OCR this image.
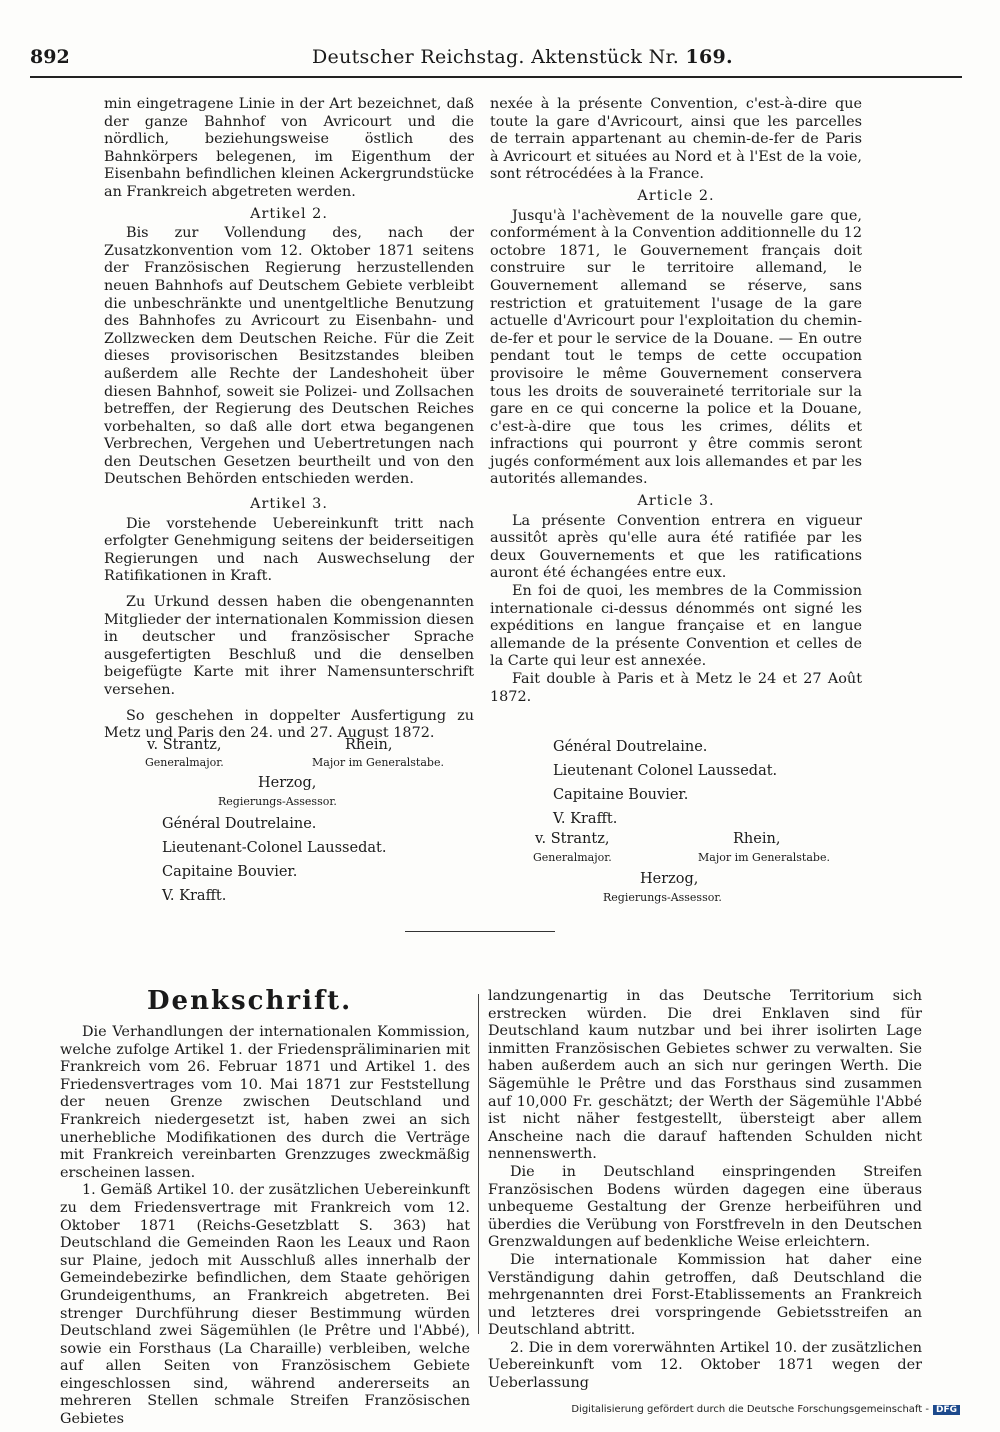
892	Deutscher Reichstag. Aktenstück Nr. 169.

min eingetragene Linie in der Art bezeichnet, daß der ganze Bahnhof von Avricourt und die nördlich, beziehungsweise östlich des Bahnkörpers belegenen, im Eigenthum der Eisenbahn befindlichen kleinen Ackergrundstücke an Frankreich abgetreten werden.

Artikel 2.

Bis zur Vollendung des, nach der Zusatzkonvention vom 12. Oktober 1871 seitens der Französischen Regierung herzustellenden neuen Bahnhofs auf Deutschem Gebiete verbleibt die unbeschränkte und unentgeltliche Benutzung des Bahnhofes zu Avricourt zu Eisenbahn- und Zollzwecken dem Deutschen Reiche. Für die Zeit dieses provisorischen Besitzstandes bleiben außerdem alle Rechte der Landeshoheit über diesen Bahnhof, soweit sie Polizei- und Zollsachen betreffen, der Regierung des Deutschen Reiches vorbehalten, so daß alle dort etwa begangenen Verbrechen, Vergehen und Uebertretungen nach den Deutschen Gesetzen beurtheilt und von den Deutschen Behörden entschieden werden.

Artikel 3.

Die vorstehende Uebereinkunft tritt nach erfolgter Genehmigung seitens der beiderseitigen Regierungen und nach Auswechselung der Ratifikationen in Kraft.

Zu Urkund dessen haben die obengenannten Mitglieder der internationalen Kommission diesen in deutscher und französischer Sprache ausgefertigten Beschluß und die denselben beigefügte Karte mit ihrer Namensunterschrift versehen.

So geschehen in doppelter Ausfertigung zu Metz und Paris den 24. und 27. August 1872.

nexée à la présente Convention, c'est-à-dire que toute la gare d'Avricourt, ainsi que les parcelles de terrain appartenant au chemin-de-fer de Paris à Avricourt et situées au Nord et à l'Est de la voie, sont rétrocédées à la France.

Article 2.

Jusqu'à l'achèvement de la nouvelle gare que, conformément à la Convention additionnelle du 12 octobre 1871, le Gouvernement français doit construire sur le territoire allemand, le Gouvernement allemand se réserve, sans restriction et gratuitement l'usage de la gare actuelle d'Avricourt pour l'exploitation du chemin-de-fer et pour le service de la Douane. — En outre pendant tout le temps de cette occupation provisoire le même Gouvernement conservera tous les droits de souveraineté territoriale sur la gare en ce qui concerne la police et la Douane, c'est-à-dire que tous les crimes, délits et infractions qui pourront y être commis seront jugés conformément aux lois allemandes et par les autorités allemandes.

Article 3.

La présente Convention entrera en vigueur aussitôt après qu'elle aura été ratifiée par les deux Gouvernements et que les ratifications auront été échangées entre eux.

En foi de quoi, les membres de la Commission internationale ci-dessus dénommés ont signé les expéditions en langue française et en langue allemande de la présente Convention et celles de la Carte qui leur est annexée.

Fait double à Paris et à Metz le 24 et 27 Août 1872.

v. Strantz,
Generalmajor.
Rhein,
Major im Generalstabe.
Herzog,
Regierungs-Assessor.
Général Doutrelaine.
Lieutenant-Colonel Laussedat.
Capitaine Bouvier.
V. Krafft.
Général Doutrelaine.
Lieutenant Colonel Laussedat.
Capitaine Bouvier.
V. Krafft.
v. Strantz,
Generalmajor.
Rhein,
Major im Generalstabe.
Herzog,
Regierungs-Assessor.
Denkschrift.

Die Verhandlungen der internationalen Kommission, welche zufolge Artikel 1. der Friedenspräliminarien mit Frankreich vom 26. Februar 1871 und Artikel 1. des Friedensvertrages vom 10. Mai 1871 zur Feststellung der neuen Grenze zwischen Deutschland und Frankreich niedergesetzt ist, haben zwei an sich unerhebliche Modifikationen des durch die Verträge mit Frankreich vereinbarten Grenzzuges zweckmäßig erscheinen lassen.

1. Gemäß Artikel 10. der zusätzlichen Uebereinkunft zu dem Friedensvertrage mit Frankreich vom 12. Oktober 1871 (Reichs-Gesetzblatt S. 363) hat Deutschland die Gemeinden Raon les Leaux und Raon sur Plaine, jedoch mit Ausschluß alles innerhalb der Gemeindebezirke befindlichen, dem Staate gehörigen Grundeigenthums, an Frankreich abgetreten. Bei strenger Durchführung dieser Bestimmung würden Deutschland zwei Sägemühlen (le Prêtre und l'Abbé), sowie ein Forsthaus (La Charaille) verbleiben, welche auf allen Seiten von Französischem Gebiete eingeschlossen sind, während andererseits an mehreren Stellen schmale Streifen Französischen Gebietes

landzungenartig in das Deutsche Territorium sich erstrecken würden. Die drei Enklaven sind für Deutschland kaum nutzbar und bei ihrer isolirten Lage inmitten Französischen Gebietes schwer zu verwalten. Sie haben außerdem auch an sich nur geringen Werth. Die Sägemühle le Prêtre und das Forsthaus sind zusammen auf 10,000 Fr. geschätzt; der Werth der Sägemühle l'Abbé ist nicht näher festgestellt, übersteigt aber allem Anscheine nach die darauf haftenden Schulden nicht nennenswerth.

Die in Deutschland einspringenden Streifen Französischen Bodens würden dagegen eine überaus unbequeme Gestaltung der Grenze herbeiführen und überdies die Verübung von Forstfreveln in den Deutschen Grenzwaldungen auf bedenkliche Weise erleichtern.

Die internationale Kommission hat daher eine Verständigung dahin getroffen, daß Deutschland die mehrgenannten drei Forst-Etablissements an Frankreich und letzteres drei vorspringende Gebietsstreifen an Deutschland abtritt.

2. Die in dem vorerwähnten Artikel 10. der zusätzlichen Uebereinkunft vom 12. Oktober 1871 wegen der Ueberlassung

Digitalisierung gefördert durch die Deutsche Forschungsgemeinschaft - DFG
